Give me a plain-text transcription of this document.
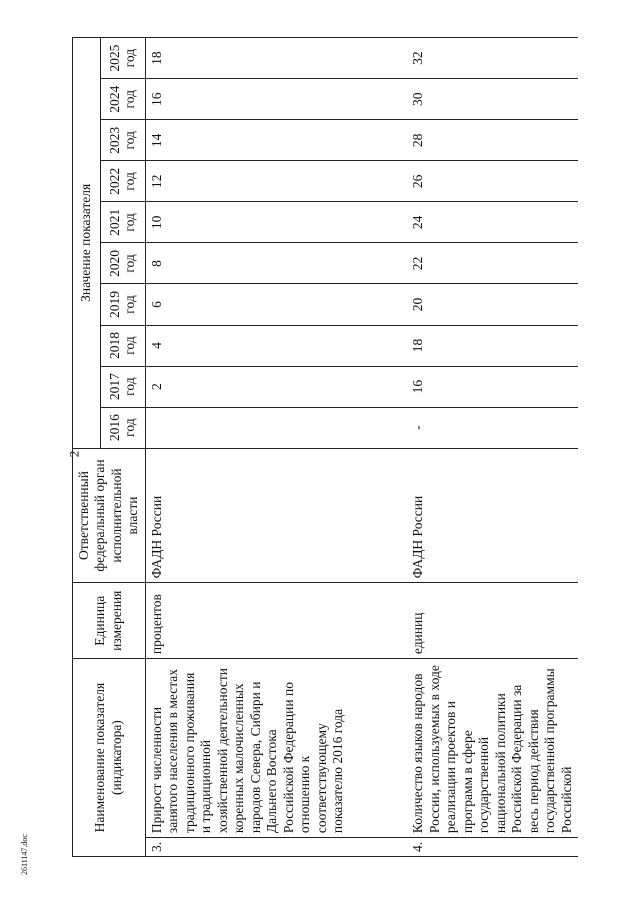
2
2611147.doc
Наименование показателя (индикатора)		Единица измерения	Ответственный федеральный орган исполнительной власти	Значение показателя									
				2016 год	2017 год	2018 год	2019 год	2020 год	2021 год	2022 год	2023 год	2024 год	2025 год
3.	Прирост численности занятого населения в местах традиционного проживания и традиционной хозяйственной деятельности коренных малочисленных народов Севера, Сибири и Дальнего Востока Российской Федерации по отношению к соответствующему показателю 2016 года	процентов	ФАДН России		2	4	6	8	10	12	14	16	18
4.	Количество языков народов России, используемых в ходе реализации проектов и программ в сфере государственной национальной политики Российской Федерации за весь период действия государственной программы Российской	единиц	ФАДН России	-	16	18	20	22	24	26	28	30	32
